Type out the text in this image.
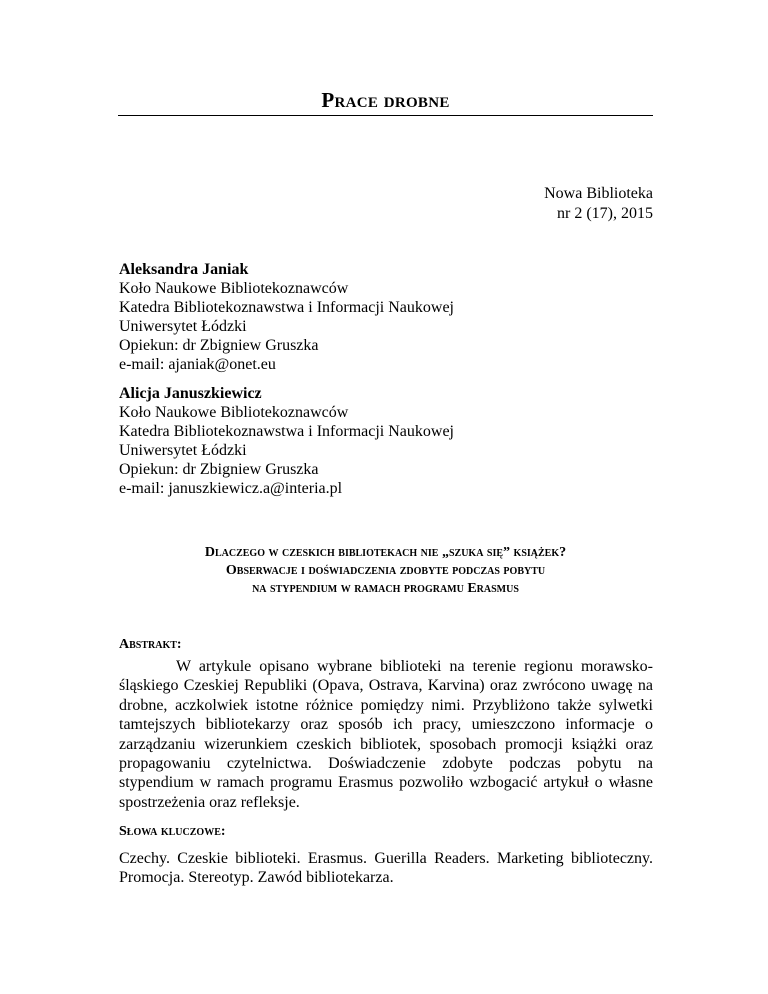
Prace drobne
Nowa Biblioteka
nr 2 (17), 2015
Aleksandra Janiak
Koło Naukowe Bibliotekoznawców
Katedra Bibliotekoznawstwa i Informacji Naukowej
Uniwersytet Łódzki
Opiekun: dr Zbigniew Gruszka
e-mail: ajaniak@onet.eu
Alicja Januszkiewicz
Koło Naukowe Bibliotekoznawców
Katedra Bibliotekoznawstwa i Informacji Naukowej
Uniwersytet Łódzki
Opiekun: dr Zbigniew Gruszka
e-mail: januszkiewicz.a@interia.pl
Dlaczego w czeskich bibliotekach nie „szuka się” książek?
Obserwacje i doświadczenia zdobyte podczas pobytu
na stypendium w ramach programu Erasmus
Abstrakt:
W artykule opisano wybrane biblioteki na terenie regionu morawsko-śląskiego Czeskiej Republiki (Opava, Ostrava, Karvina) oraz zwrócono uwagę na drobne, aczkolwiek istotne różnice pomiędzy nimi. Przybliżono także sylwetki tamtejszych bibliotekarzy oraz sposób ich pracy, umieszczono informacje o zarządzaniu wizerunkiem czeskich bibliotek, sposobach promocji książki oraz propagowaniu czytelnictwa. Doświadczenie zdobyte podczas pobytu na stypendium w ramach programu Erasmus pozwoliło wzbogacić artykuł o własne spostrzeżenia oraz refleksje.
Słowa kluczowe:
Czechy. Czeskie biblioteki. Erasmus. Guerilla Readers. Marketing biblioteczny. Promocja. Stereotyp. Zawód bibliotekarza.
